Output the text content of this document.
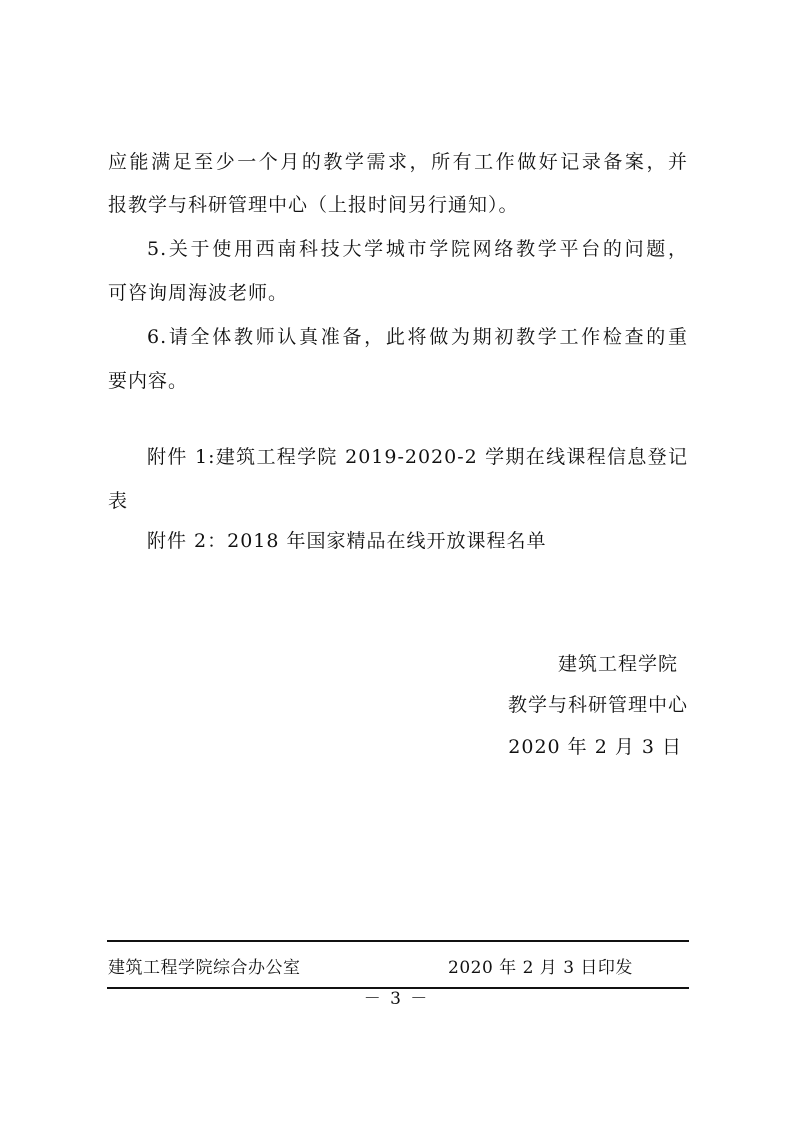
应能满足至少一个月的教学需求，所有工作做好记录备案，并
报教学与科研管理中心（上报时间另行通知）。
5.关于使用西南科技大学城市学院网络教学平台的问题，
可咨询周海波老师。
6.请全体教师认真准备，此将做为期初教学工作检查的重
要内容。
附件 1:建筑工程学院 2019-2020-2 学期在线课程信息登记
表
附件 2：2018 年国家精品在线开放课程名单
建筑工程学院
教学与科研管理中心
2020 年 2 月 3 日
建筑工程学院综合办公室	2020 年 2 月 3 日印发
－ 3 －
